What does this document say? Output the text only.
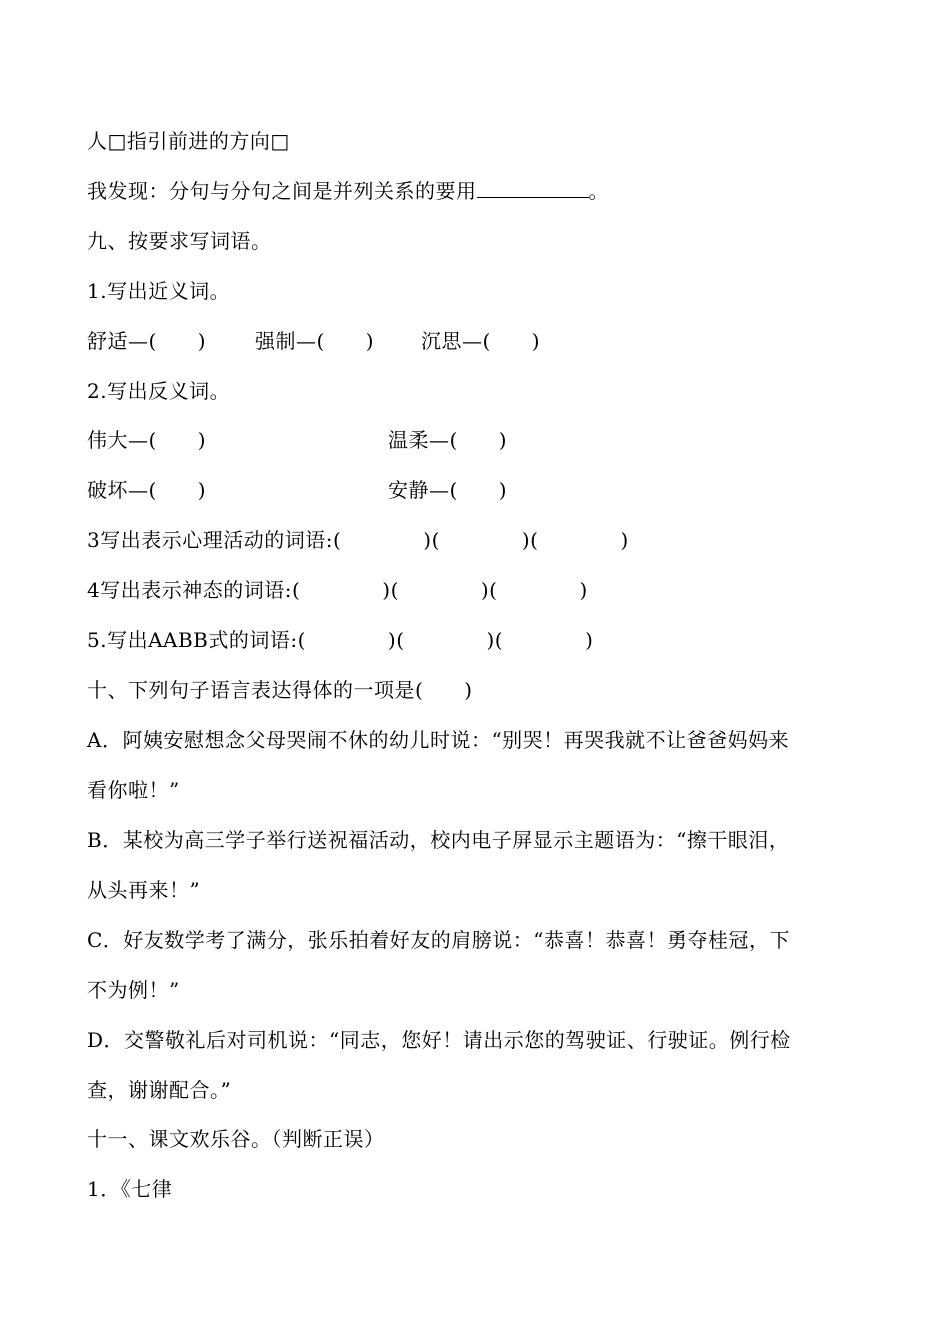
人□指引前进的方向□
我发现：分句与分句之间是并列关系的要用	。
九、按要求写词语。
1.写出近义词。
舒适—(　　) 强制—(　　) 沉思—(　　)
2.写出反义词。
伟大—(　　)	温柔—(　　)
破坏—(　　)	安静—(　　)
3写出表示心理活动的词语:(　　　　)(　　　　)(　　　　)
4写出表示神态的词语:(　　　　)(　　　　)(　　　　)
5.写出AABB式的词语:(　　　　)(　　　　)(　　　　)
十、下列句子语言表达得体的一项是(　　)
A．阿姨安慰想念父母哭闹不休的幼儿时说：“别哭！再哭我就不让爸爸妈妈来
看你啦！”
B．某校为高三学子举行送祝福活动，校内电子屏显示主题语为：“擦干眼泪，
从头再来！”
C．好友数学考了满分，张乐拍着好友的肩膀说：“恭喜！恭喜！勇夺桂冠，下
不为例！”
D．交警敬礼后对司机说：“同志，您好！请出示您的驾驶证、行驶证。例行检
查，谢谢配合。”
十一、课文欢乐谷。（判断正误）
1．《七律
